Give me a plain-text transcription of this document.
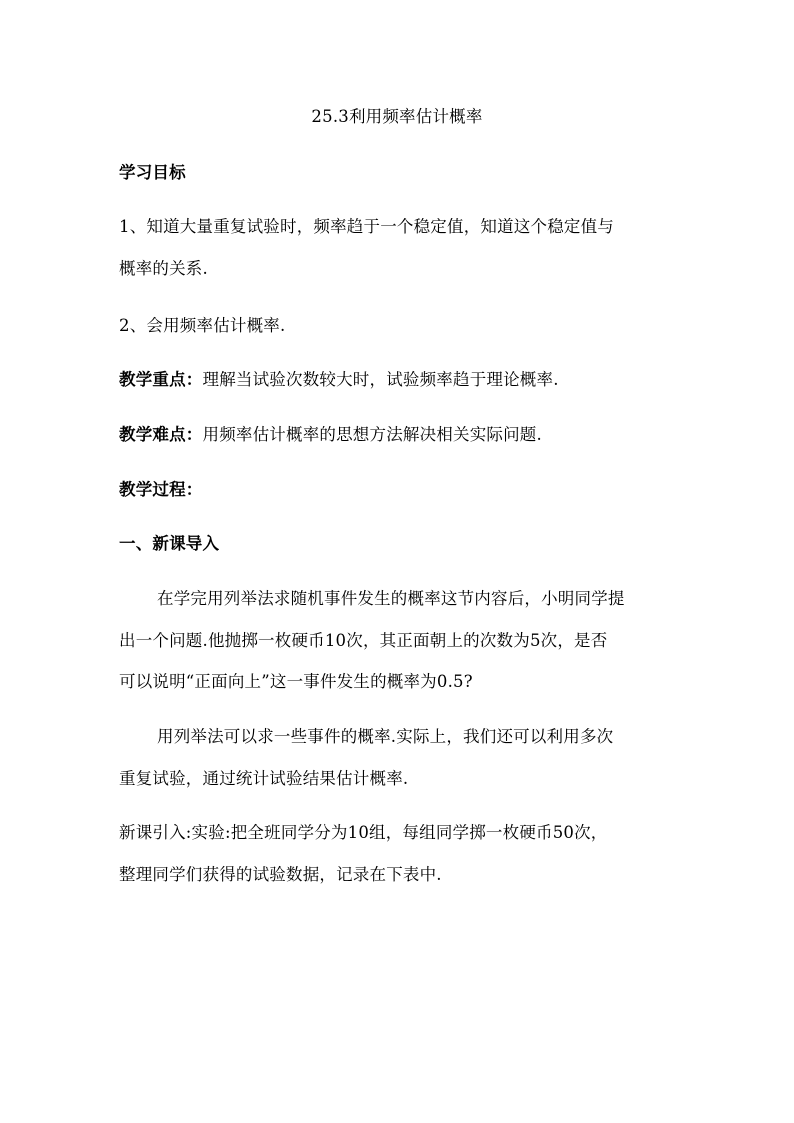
25.3利用频率估计概率
学习目标
1、知道大量重复试验时，频率趋于一个稳定值，知道这个稳定值与
概率的关系.
2、会用频率估计概率.
教学重点：理解当试验次数较大时，试验频率趋于理论概率.
教学难点：用频率估计概率的思想方法解决相关实际问题.
教学过程：
一、新课导入
在学完用列举法求随机事件发生的概率这节内容后，小明同学提
出一个问题.他抛掷一枚硬币10次，其正面朝上的次数为5次，是否
可以说明“正面向上”这一事件发生的概率为0.5?
用列举法可以求一些事件的概率.实际上，我们还可以利用多次
重复试验，通过统计试验结果估计概率.
新课引入:实验:把全班同学分为10组，每组同学掷一枚硬币50次，
整理同学们获得的试验数据，记录在下表中.
